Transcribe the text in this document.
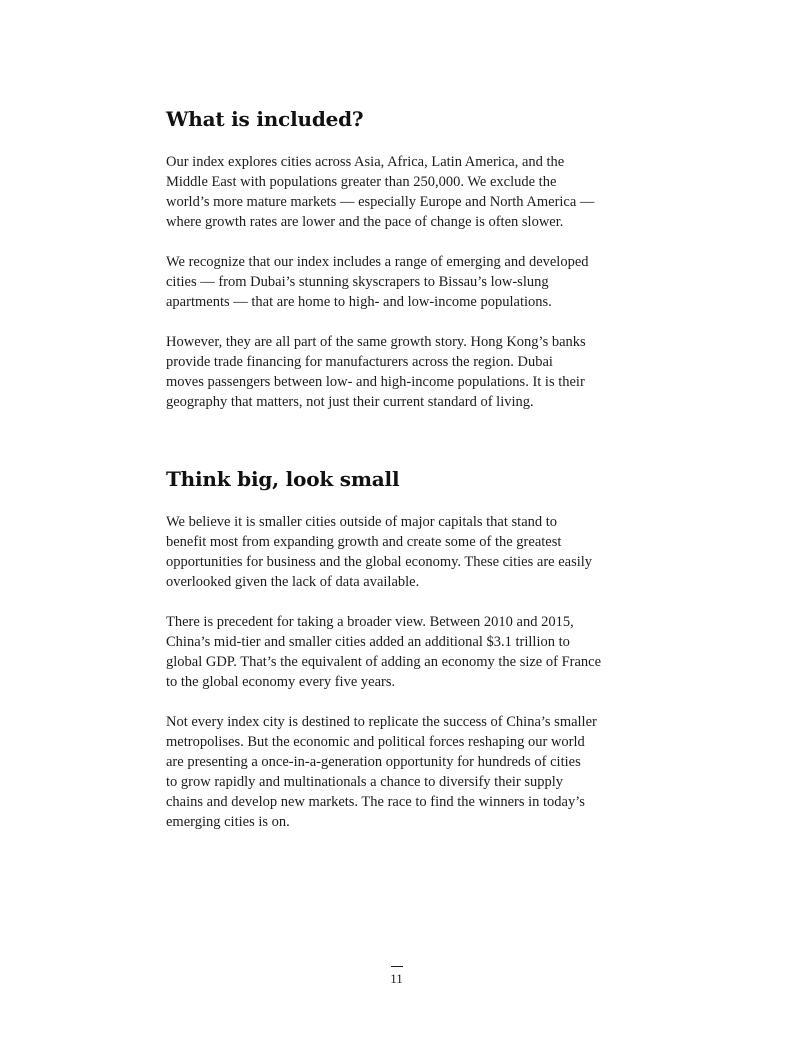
What is included?

Our index explores cities across Asia, Africa, Latin America, and the
Middle East with populations greater than 250,000. We exclude the
world’s more mature markets — especially Europe and North America —
where growth rates are lower and the pace of change is often slower.

We recognize that our index includes a range of emerging and developed
cities — from Dubai’s stunning skyscrapers to Bissau’s low-slung
apartments — that are home to high- and low-income populations.

However, they are all part of the same growth story. Hong Kong’s banks
provide trade financing for manufacturers across the region. Dubai
moves passengers between low- and high-income populations. It is their
geography that matters, not just their current standard of living.

Think big, look small

We believe it is smaller cities outside of major capitals that stand to
benefit most from expanding growth and create some of the greatest
opportunities for business and the global economy. These cities are easily
overlooked given the lack of data available.

There is precedent for taking a broader view. Between 2010 and 2015,
China’s mid-tier and smaller cities added an additional $3.1 trillion to
global GDP. That’s the equivalent of adding an economy the size of France
to the global economy every five years.

Not every index city is destined to replicate the success of China’s smaller
metropolises. But the economic and political forces reshaping our world
are presenting a once-in-a-generation opportunity for hundreds of cities
to grow rapidly and multinationals a chance to diversify their supply
chains and develop new markets. The race to find the winners in today’s
emerging cities is on.

11
